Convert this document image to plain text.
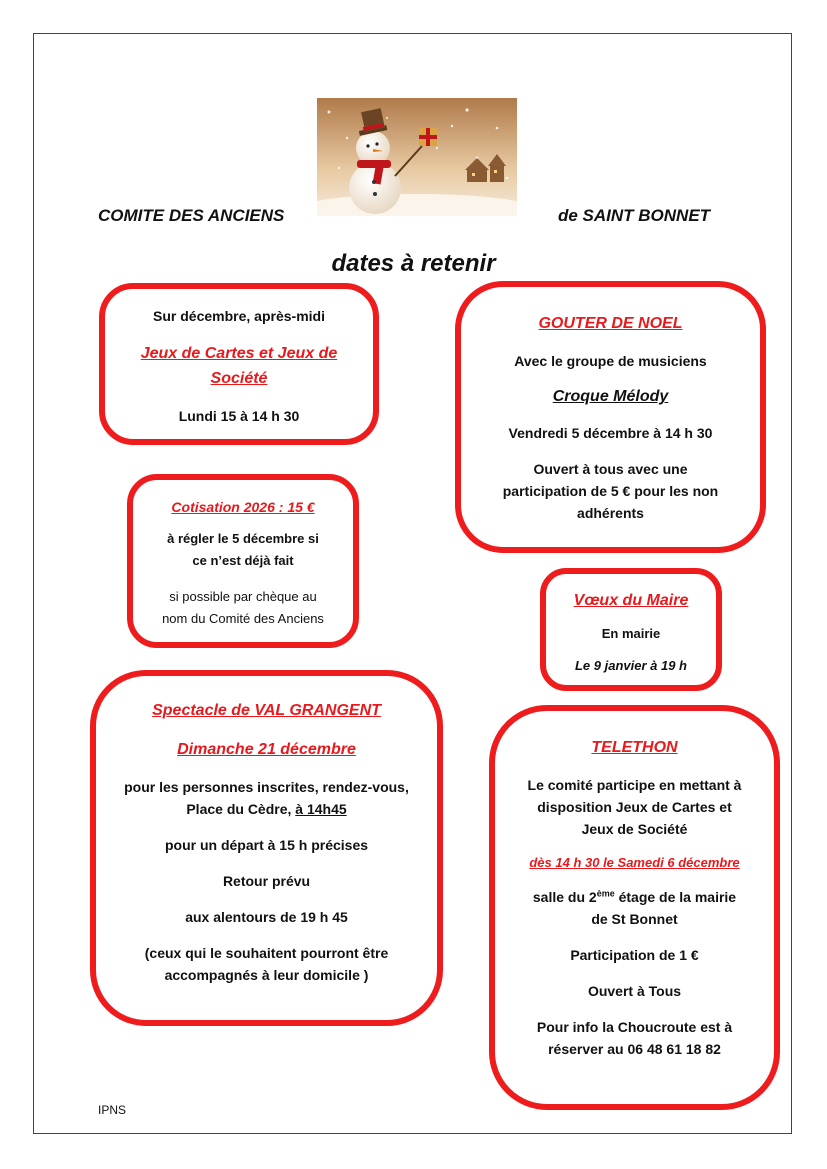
COMITE DES ANCIENS	de SAINT BONNET
dates à retenir

Sur décembre, après-midi

Jeux de Cartes et Jeux de

Société

Lundi 15 à 14 h 30

Cotisation 2026 : 15 €

à régler le 5 décembre si

ce n’est déjà fait

si possible par chèque au

nom du Comité des Anciens

Spectacle de VAL GRANGENT

Dimanche 21 décembre

pour les personnes inscrites, rendez-vous,

Place du Cèdre, à 14h45

pour un départ à 15 h précises

Retour prévu

aux alentours de 19 h 45

(ceux qui le souhaitent pourront être

accompagnés à leur domicile )

GOUTER DE NOEL

Avec le groupe de musiciens

Croque Mélody

Vendredi 5 décembre à 14 h 30

Ouvert à tous avec une

participation de 5 € pour les non

adhérents

Vœux du Maire

En mairie

Le 9 janvier à 19 h

TELETHON

Le comité participe en mettant à

disposition Jeux de Cartes et

Jeux de Société

dès 14 h 30 le Samedi 6 décembre

salle du 2ème étage de la mairie

de St Bonnet

Participation de 1 €

Ouvert à Tous

Pour info la Choucroute est à

réserver au 06 48 61 18 82

IPNS
